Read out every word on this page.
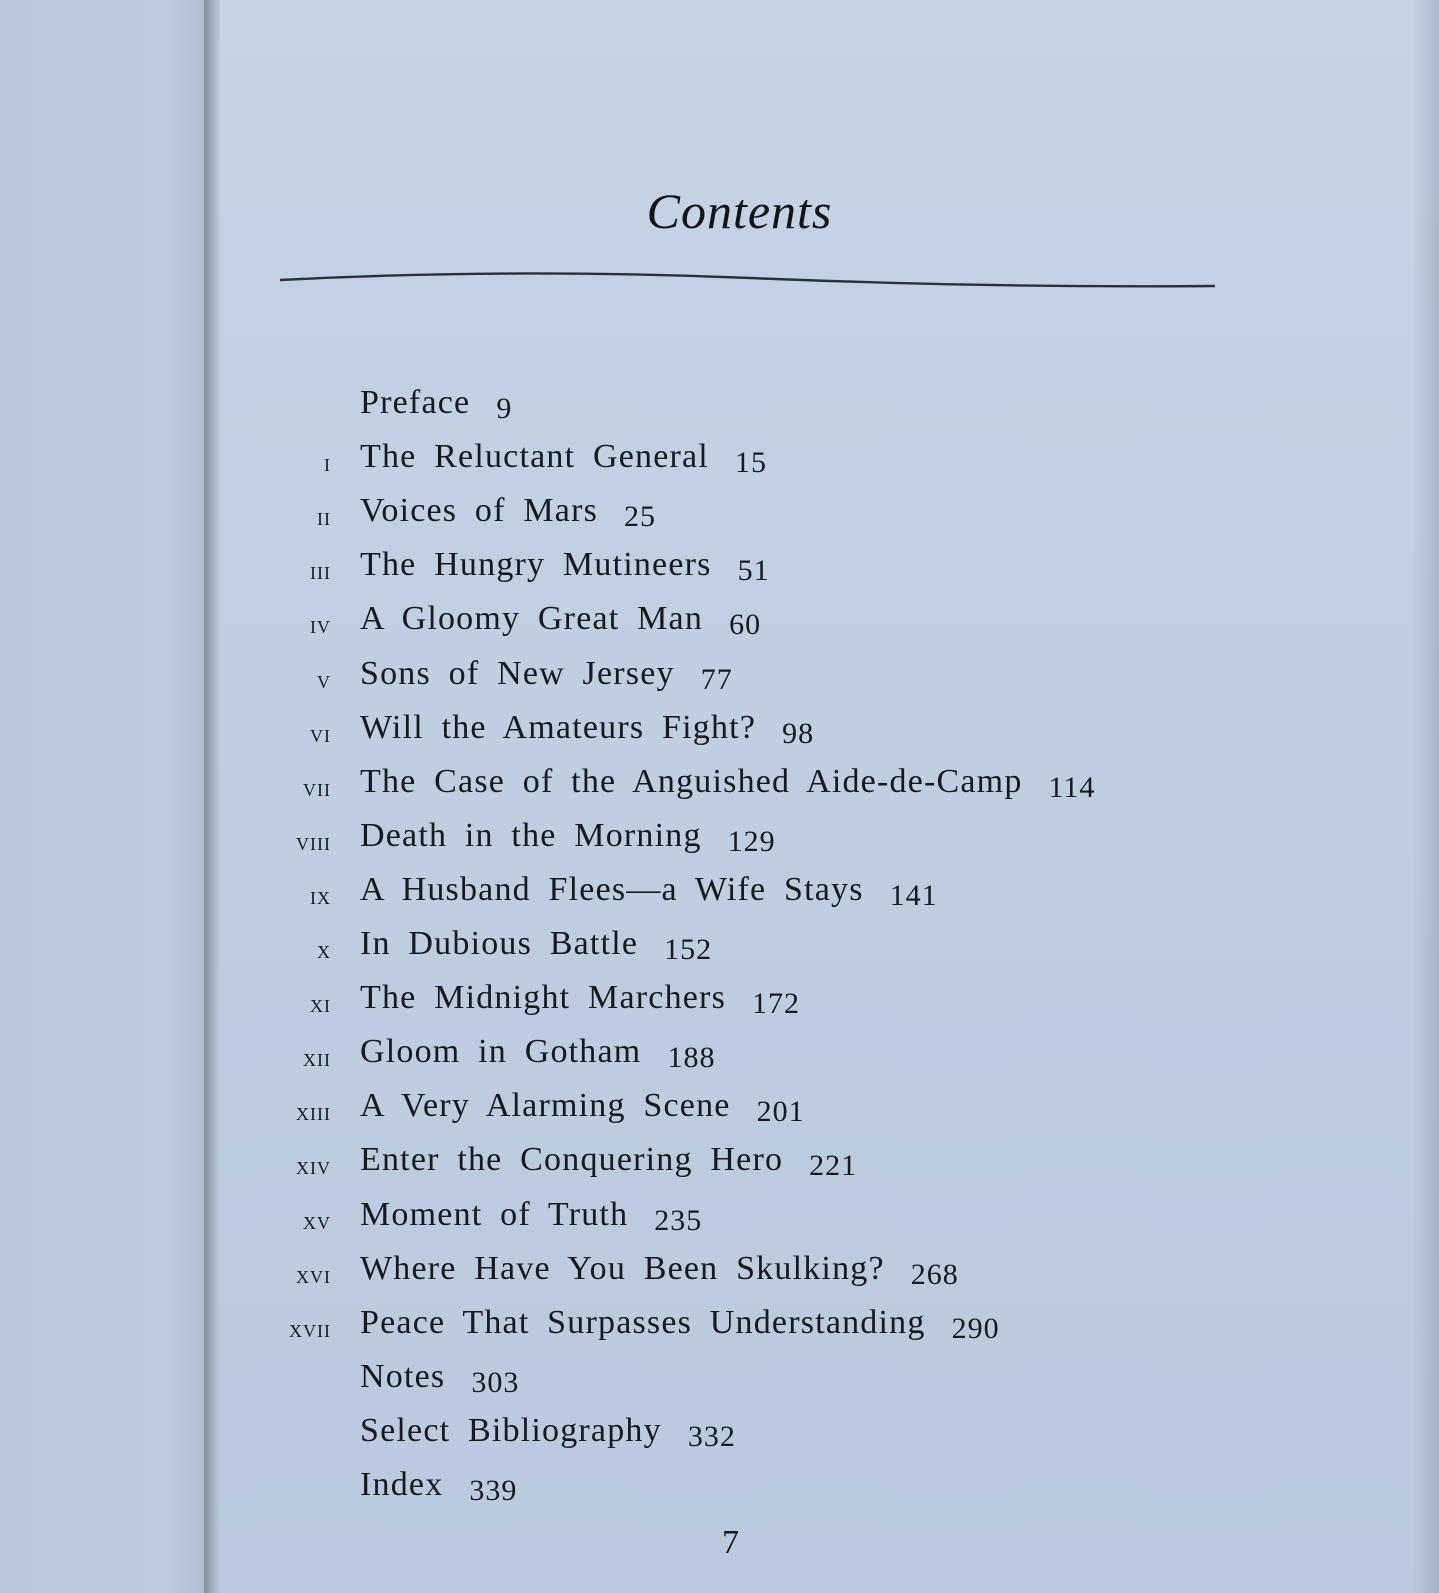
Contents
Preface 9
i The Reluctant General 15
ii Voices of Mars 25
iii The Hungry Mutineers 51
iv A Gloomy Great Man 60
v Sons of New Jersey 77
vi Will the Amateurs Fight? 98
vii The Case of the Anguished Aide-de-Camp 114
viii Death in the Morning 129
ix A Husband Flees—a Wife Stays 141
x In Dubious Battle 152
xi The Midnight Marchers 172
xii Gloom in Gotham 188
xiii A Very Alarming Scene 201
xiv Enter the Conquering Hero 221
xv Moment of Truth 235
xvi Where Have You Been Skulking? 268
xvii Peace That Surpasses Understanding 290
Notes 303
Select Bibliography 332
Index 339
7
